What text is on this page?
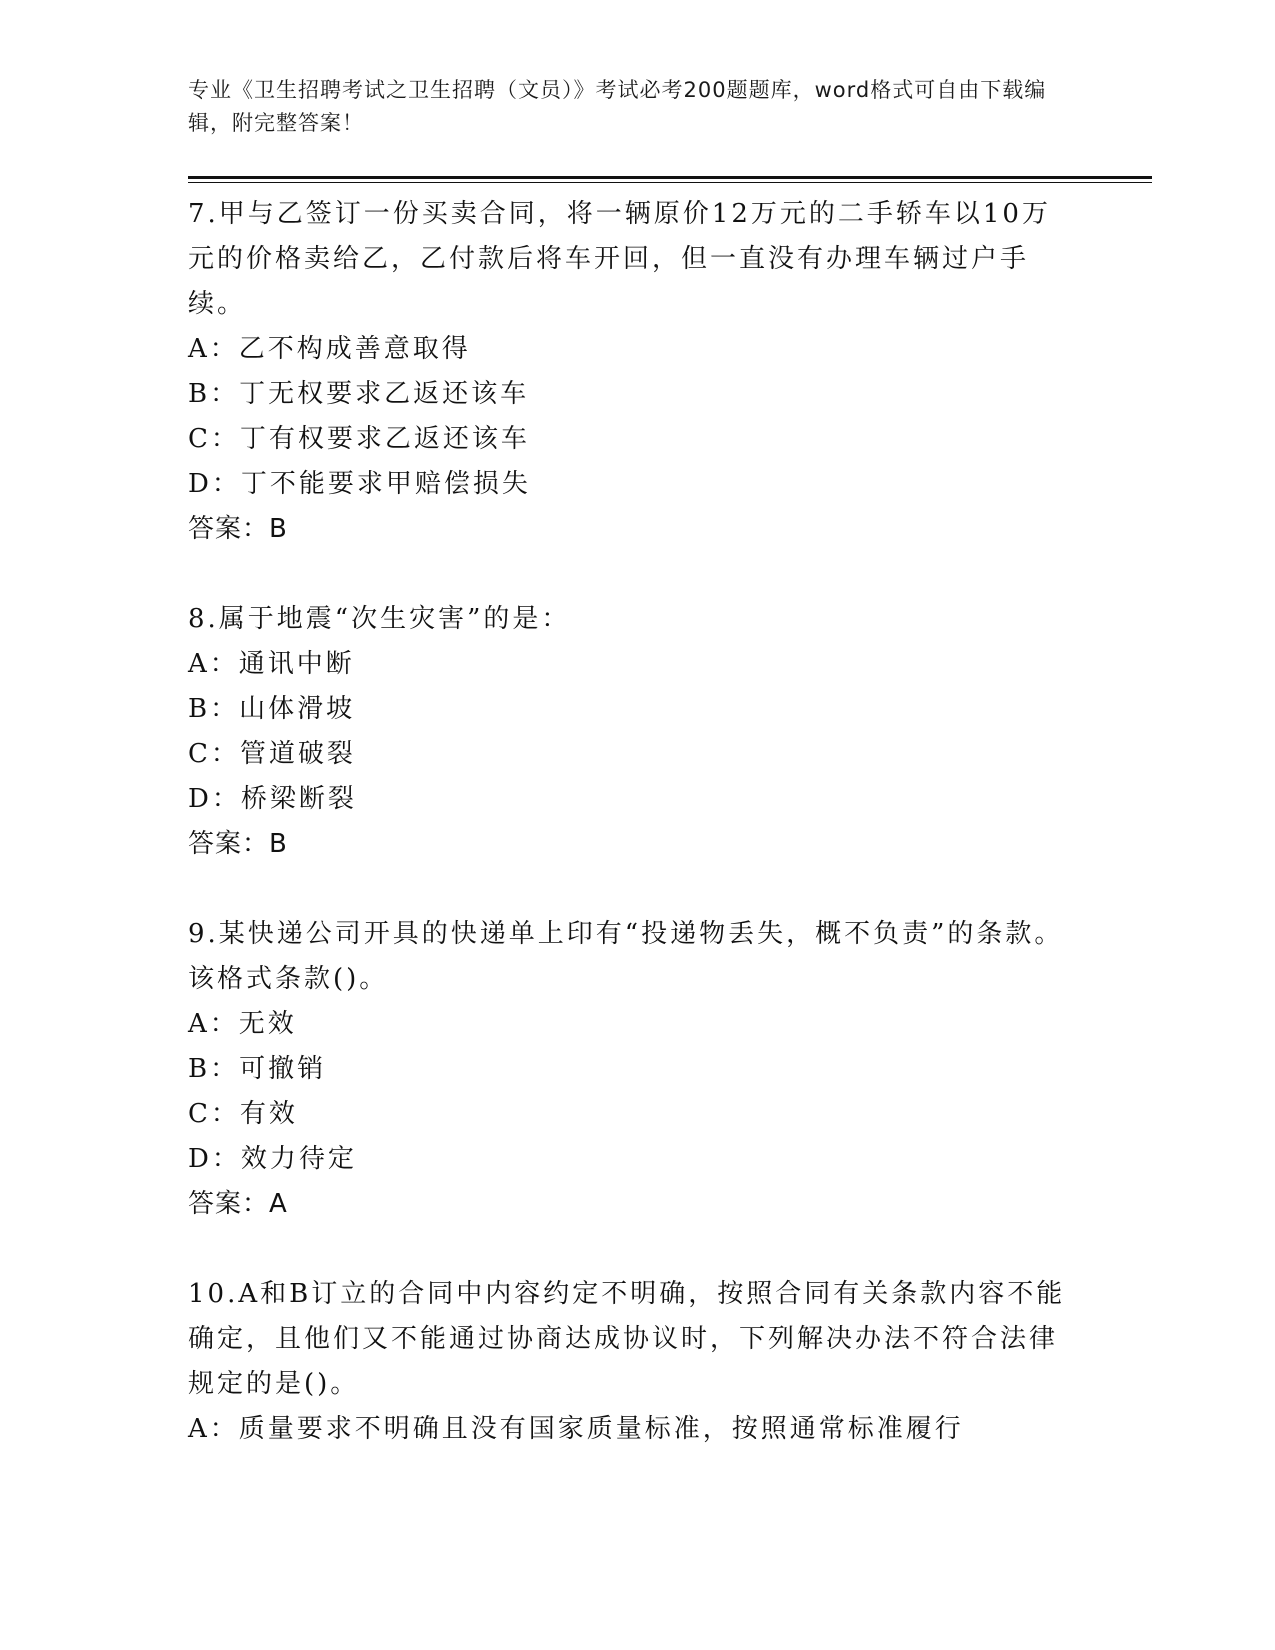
专业《卫生招聘考试之卫生招聘（文员）》考试必考200题题库，word格式可自由下载编辑，附完整答案！

7.甲与乙签订一份买卖合同，将一辆原价12万元的二手轿车以10万元的价格卖给乙，乙付款后将车开回，但一直没有办理车辆过户手续。

A：乙不构成善意取得

B：丁无权要求乙返还该车

C：丁有权要求乙返还该车

D：丁不能要求甲赔偿损失

答案：B

8.属于地震“次生灾害”的是：

A：通讯中断

B：山体滑坡

C：管道破裂

D：桥梁断裂

答案：B

9.某快递公司开具的快递单上印有“投递物丢失，概不负责”的条款。该格式条款()。

A：无效

B：可撤销

C：有效

D：效力待定

答案：A

10.A和B订立的合同中内容约定不明确，按照合同有关条款内容不能确定，且他们又不能通过协商达成协议时，下列解决办法不符合法律规定的是()。

A：质量要求不明确且没有国家质量标准，按照通常标准履行
